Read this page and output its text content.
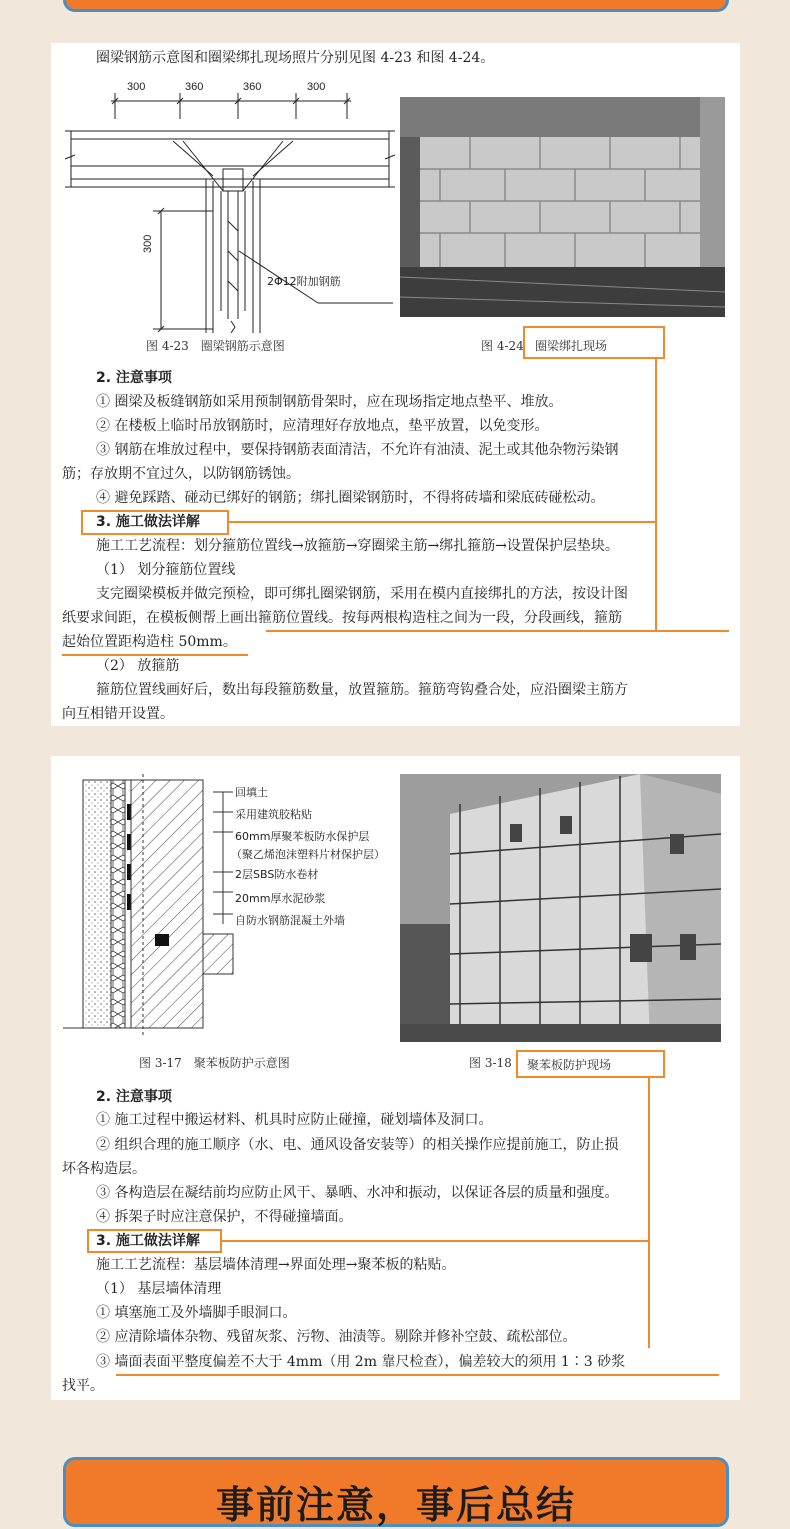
圈梁钢筋示意图和圈梁绑扎现场照片分别见图 4-23 和图 4-24。

300	360	360	300
300
2Φ12附加钢筋
图 4-23　圈梁钢筋示意图	图 4-24 圈梁绑扎现场

2. 注意事项

① 圈梁及板缝钢筋如采用预制钢筋骨架时，应在现场指定地点垫平、堆放。

② 在楼板上临时吊放钢筋时，应清理好存放地点，垫平放置，以免变形。

③ 钢筋在堆放过程中，要保持钢筋表面清洁，不允许有油渍、泥土或其他杂物污染钢

筋；存放期不宜过久，以防钢筋锈蚀。

④ 避免踩踏、碰动已绑好的钢筋；绑扎圈梁钢筋时，不得将砖墙和梁底砖碰松动。

3. 施工做法详解

施工工艺流程：划分箍筋位置线→放箍筋→穿圈梁主筋→绑扎箍筋→设置保护层垫块。

（1） 划分箍筋位置线

支完圈梁模板并做完预检，即可绑扎圈梁钢筋，采用在模内直接绑扎的方法，按设计图

纸要求间距，在模板侧帮上画出箍筋位置线。按每两根构造柱之间为一段，分段画线，箍筋

起始位置距构造柱 50mm。

（2） 放箍筋

箍筋位置线画好后，数出每段箍筋数量，放置箍筋。箍筋弯钩叠合处，应沿圈梁主筋方

向互相错开设置。

回填土
采用建筑胶粘贴
60mm厚聚苯板防水保护层
（聚乙烯泡沫塑料片材保护层）
2层SBS防水卷材
20mm厚水泥砂浆
自防水钢筋混凝土外墙
图 3-17　聚苯板防护示意图	图 3-18 聚苯板防护现场

2. 注意事项

① 施工过程中搬运材料、机具时应防止碰撞，碰划墙体及洞口。

② 组织合理的施工顺序（水、电、通风设备安装等）的相关操作应提前施工，防止损

坏各构造层。

③ 各构造层在凝结前均应防止风干、暴晒、水冲和振动，以保证各层的质量和强度。

④ 拆架子时应注意保护，不得碰撞墙面。

3. 施工做法详解

施工工艺流程：基层墙体清理→界面处理→聚苯板的粘贴。

（1） 基层墙体清理

① 填塞施工及外墙脚手眼洞口。

② 应清除墙体杂物、残留灰浆、污物、油渍等。剔除并修补空鼓、疏松部位。

③ 墙面表面平整度偏差不大于 4mm（用 2m 靠尺检查），偏差较大的须用 1∶3 砂浆

找平。

事前注意，事后总结
